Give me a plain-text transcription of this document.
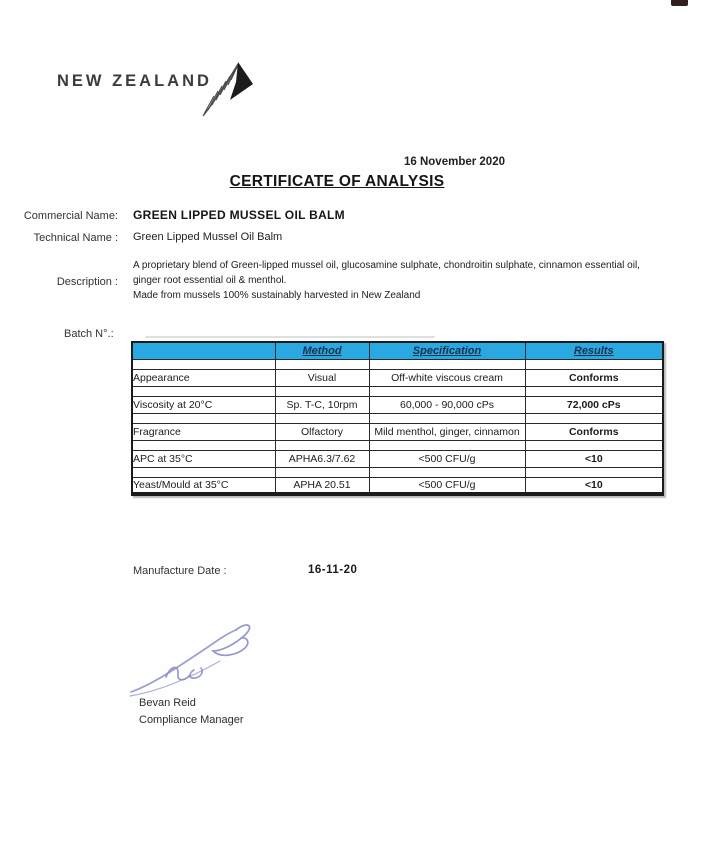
NEW ZEALAND
16 November 2020
CERTIFICATE OF ANALYSIS
Commercial Name: GREEN LIPPED MUSSEL OIL BALM
Technical Name : Green Lipped Mussel Oil Balm
Description :
A proprietary blend of Green-lipped mussel oil, glucosamine sulphate, chondroitin sulphate, cinnamon essential oil,
ginger root essential oil & menthol.
Made from mussels 100% sustainably harvested in New Zealand
Batch N°.:
	Method	Specification	Results

Appearance	Visual	Off-white viscous cream	Conforms

Viscosity at 20°C	Sp. T-C, 10rpm	60,000 - 90,000 cPs	72,000 cPs

Fragrance	Olfactory	Mild menthol, ginger, cinnamon	Conforms

APC at 35°C	APHA6.3/7.62	<500 CFU/g	<10

Yeast/Mould at 35°C	APHA 20.51	<500 CFU/g	<10
Manufacture Date :	16-11-20
Bevan Reid
Compliance Manager
